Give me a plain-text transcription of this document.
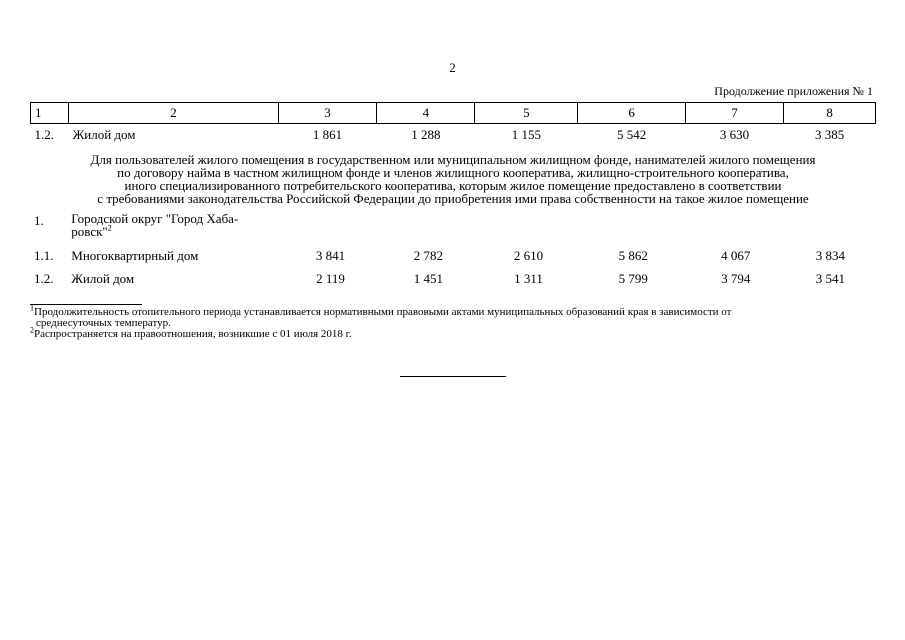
2
Продолжение приложения № 1
1	2	3	4	5	6	7	8
1.2.	Жилой дом	1 861	1 288	1 155	5 542	3 630	3 385
Для пользователей жилого помещения в государственном или муниципальном жилищном фонде, нанимателей жилого помещения
по договору найма в частном жилищном фонде и членов жилищного кооператива, жилищно-строительного кооператива,
иного специализированного потребительского кооператива, которым жилое помещение предоставлено в соответствии
с требованиями законодательства Российской Федерации до приобретения ими права собственности на такое жилое помещение
1.	Городской округ "Город Хаба-
ровск"$^2$

1.1.	Многоквартирный дом	3 841	2 782	2 610	5 862	4 067	3 834
1.2.	Жилой дом	2 119	1 451	1 311	5 799	3 794	3 541
$^1$Продолжительность отопительного периода устанавливается нормативными правовыми актами муниципальных образований края в зависимости от
среднесуточных температур.
$^2$Распространяется на правоотношения, возникшие с 01 июля 2018 г.
